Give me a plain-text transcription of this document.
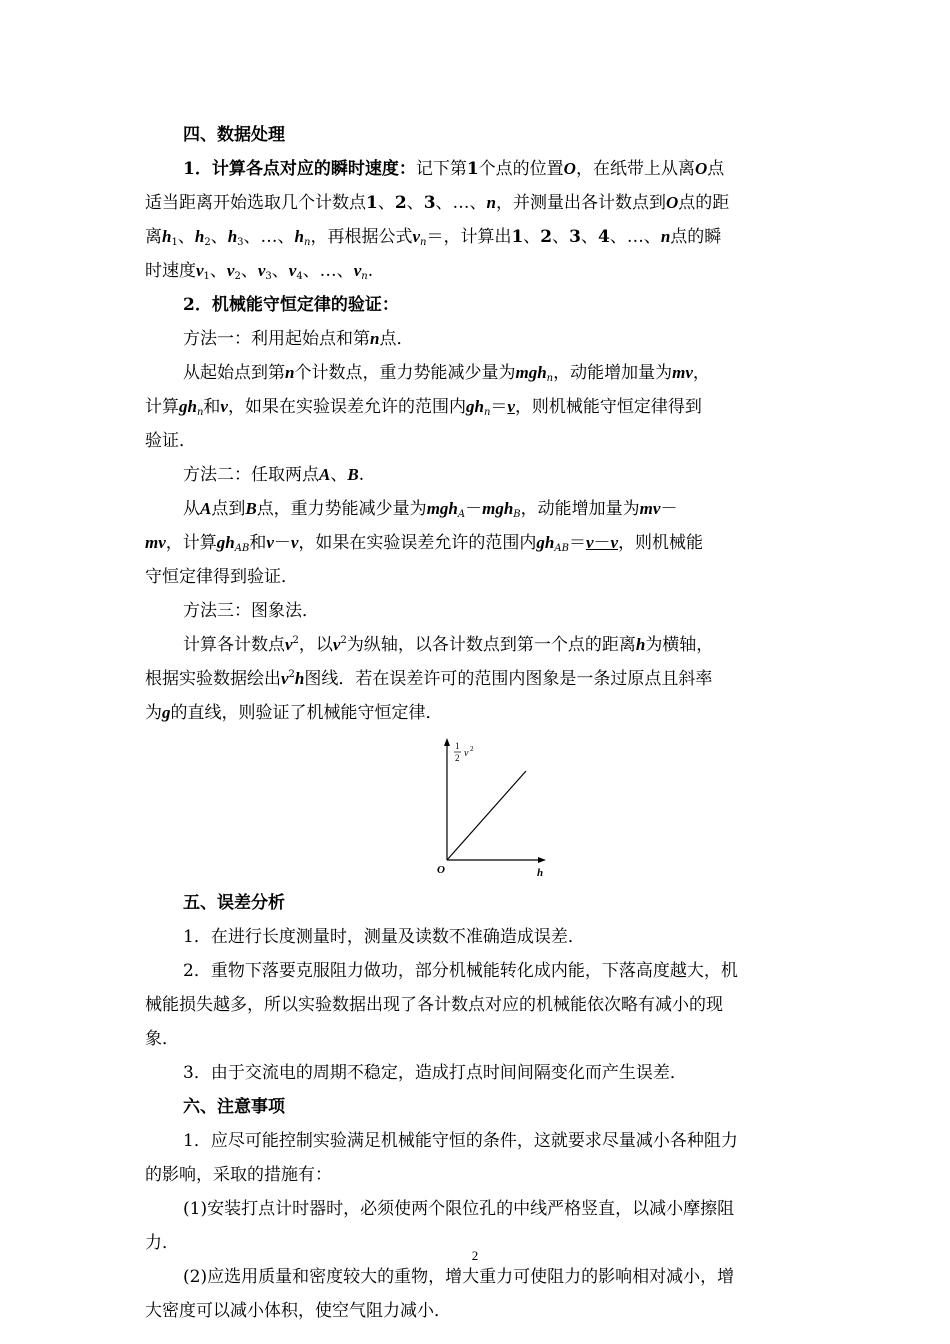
四、数据处理
1．计算各点对应的瞬时速度：记下第1个点的位置O，在纸带上从离O点
适当距离开始选取几个计数点1、2、3、…、n，并测量出各计数点到O点的距
离$h_1$、$h_2$、$h_3$、…、$h_n$，再根据公式$v_n=$，计算出1、2、3、4、…、n点的瞬
时速度$v_1$、$v_2$、$v_3$、$v_4$、…、$v_n$.
2．机械能守恒定律的验证：
方法一：利用起始点和第n点．
从起始点到第n个计数点，重力势能减少量为mgh$_n$，动能增加量为mv，
计算$gh_n$和v，如果在实验误差允许的范围内$gh_n=v$，则机械能守恒定律得到
验证．
方法二：任取两点A、B.
从A点到B点，重力势能减少量为mgh$_A$－mgh$_B$，动能增加量为mv－
mv，计算$gh_{AB}$和v－v，如果在实验误差允许的范围内$gh_{AB}=v-v$，则机械能
守恒定律得到验证．
方法三：图象法．
计算各计数点$v^2$，以$v^2$为纵轴，以各计数点到第一个点的距离h为横轴，
根据实验数据绘出$v^2h$图线．若在误差许可的范围内图象是一条过原点且斜率
为g的直线，则验证了机械能守恒定律．
1
2 v 2
O	h
五、误差分析
1．在进行长度测量时，测量及读数不准确造成误差．
2．重物下落要克服阻力做功，部分机械能转化成内能，下落高度越大，机
械能损失越多，所以实验数据出现了各计数点对应的机械能依次略有减小的现
象．
3．由于交流电的周期不稳定，造成打点时间间隔变化而产生误差．
六、注意事项
1．应尽可能控制实验满足机械能守恒的条件，这就要求尽量减小各种阻力
的影响，采取的措施有：
(1)安装打点计时器时，必须使两个限位孔的中线严格竖直，以减小摩擦阻
力．
(2)应选用质量和密度较大的重物，增大重力可使阻力的影响相对减小，增
大密度可以减小体积，使空气阻力减小．
2
